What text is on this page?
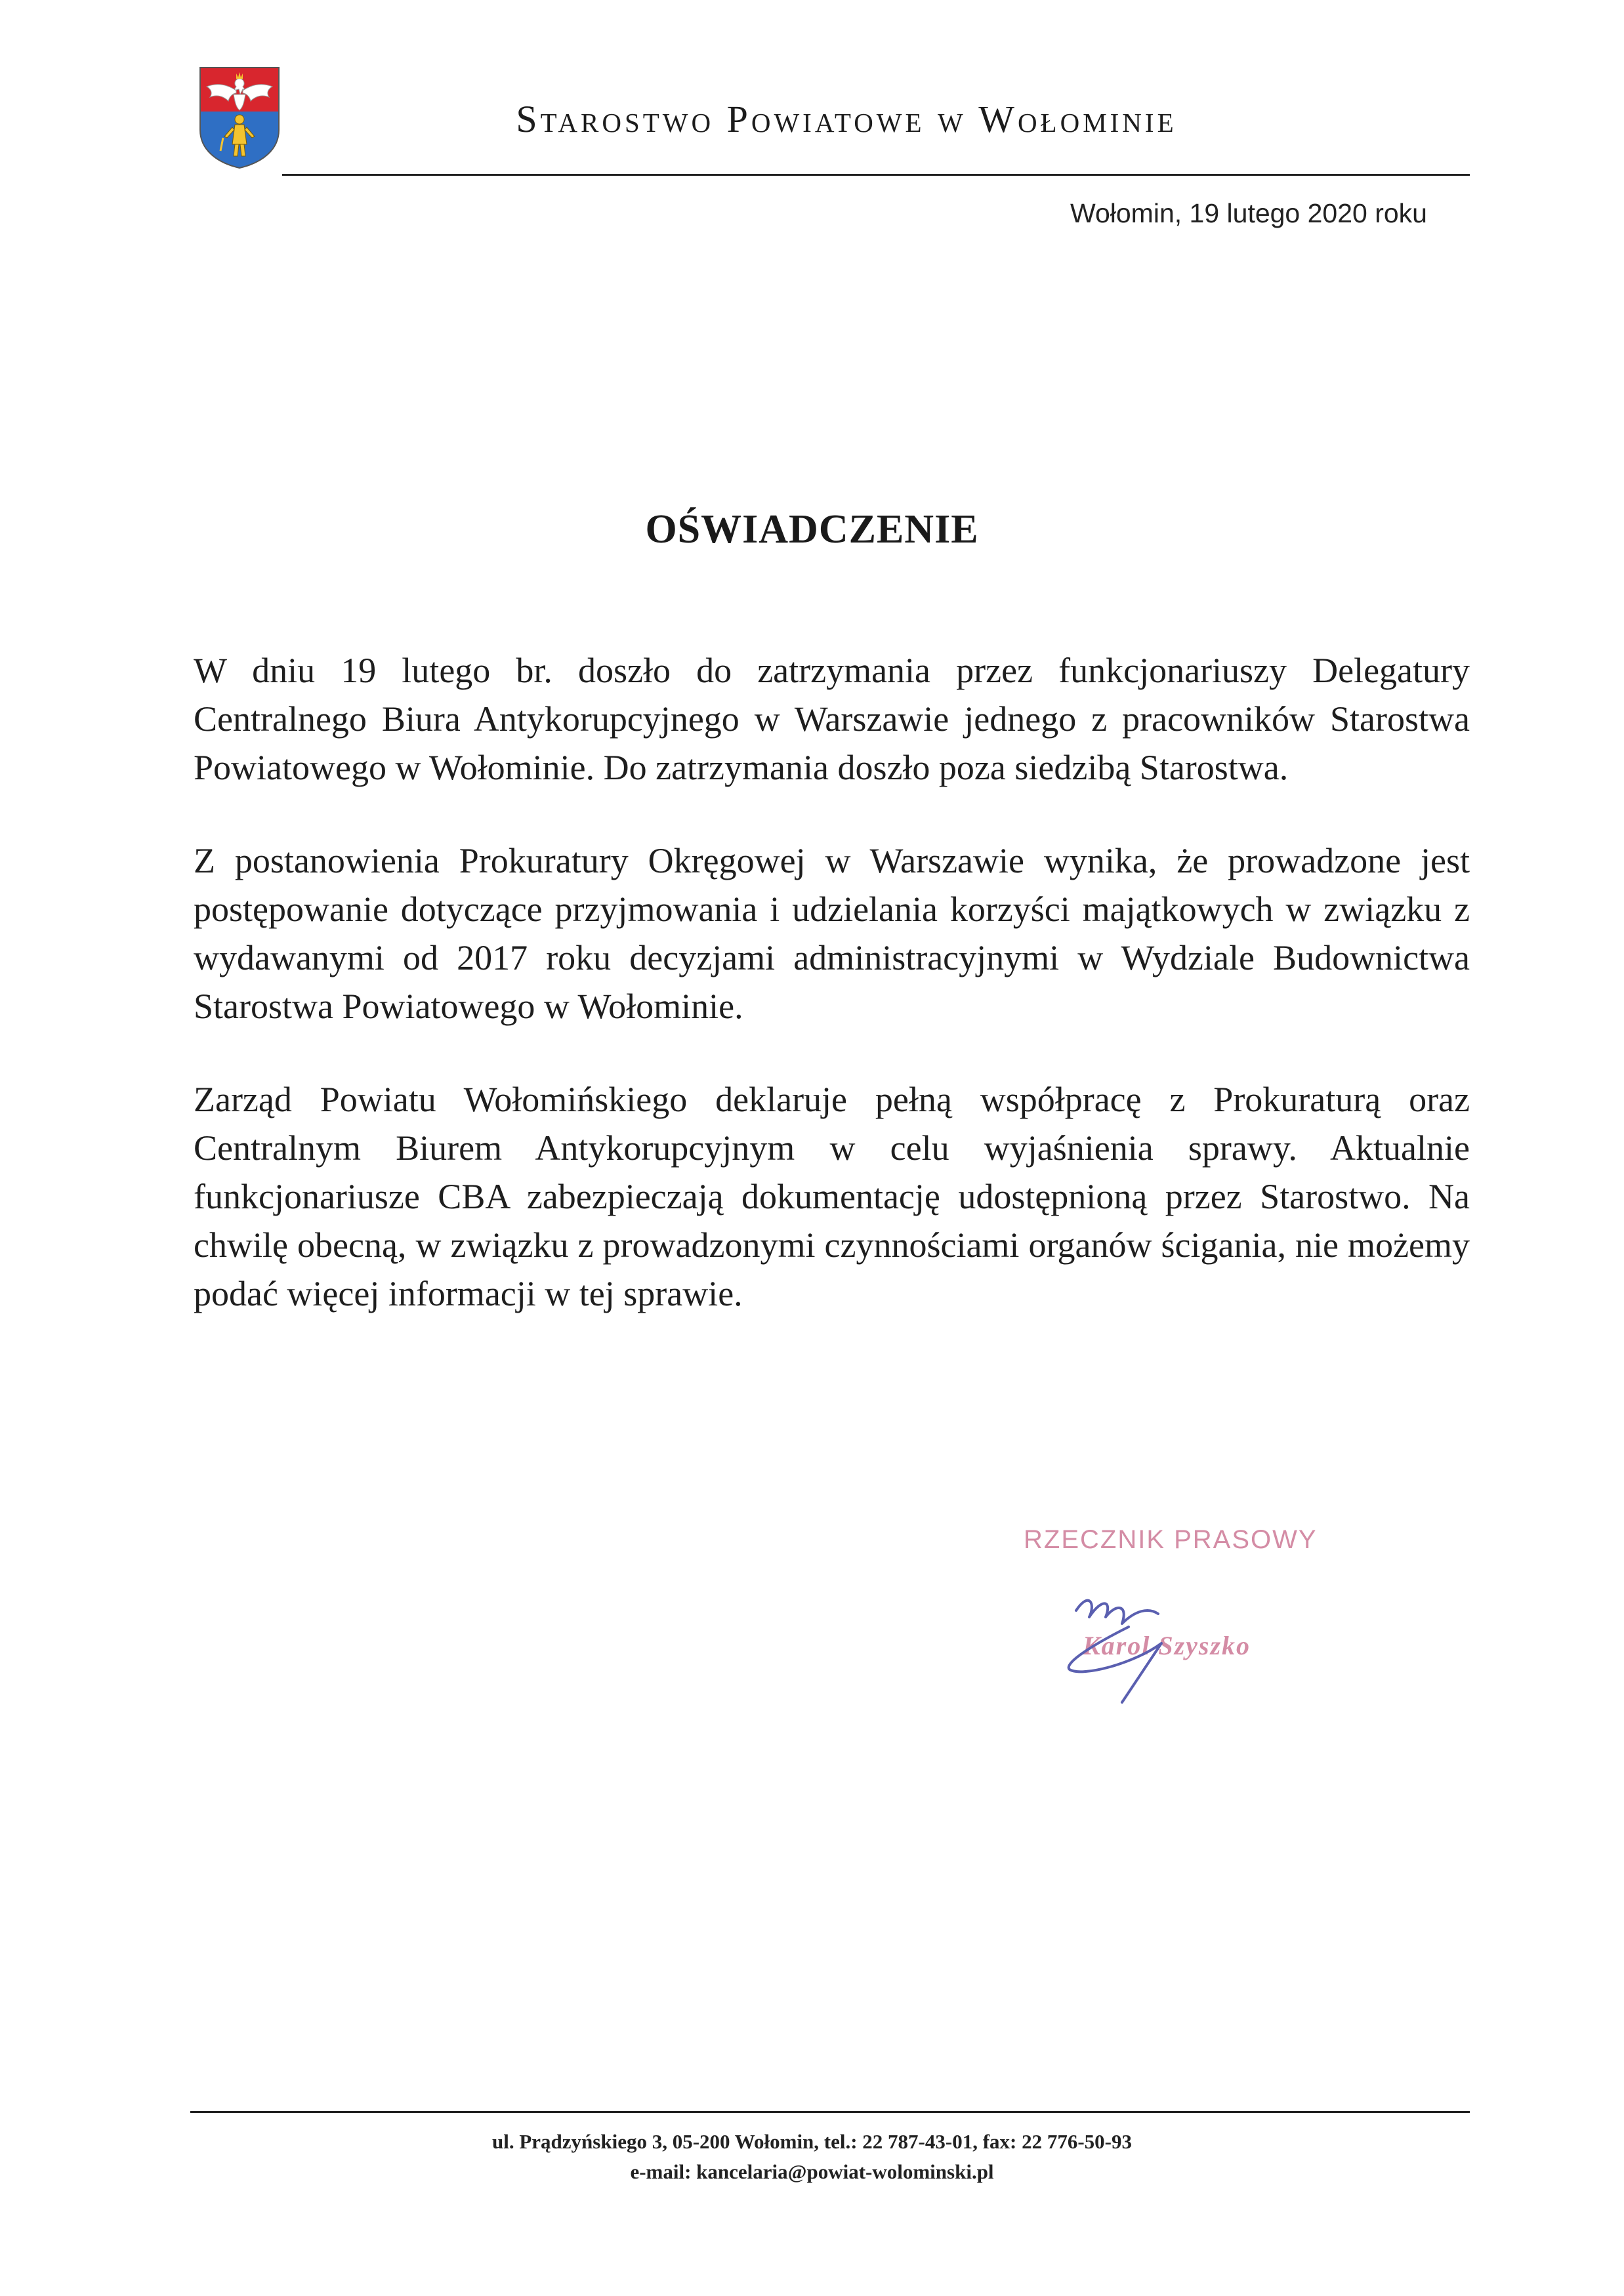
Starostwo Powiatowe w Wołominie
Wołomin, 19 lutego 2020 roku
OŚWIADCZENIE

W dniu 19 lutego br. doszło do zatrzymania przez funkcjonariuszy Delegatury Centralnego Biura Antykorupcyjnego w Warszawie jednego z pracowników Starostwa Powiatowego w Wołominie. Do zatrzymania doszło poza siedzibą Starostwa.

Z postanowienia Prokuratury Okręgowej w Warszawie wynika, że prowadzone jest postępowanie dotyczące przyjmowania i udzielania korzyści majątkowych w związku z wydawanymi od 2017 roku decyzjami administracyjnymi w Wydziale Budownictwa Starostwa Powiatowego w Wołominie.

Zarząd Powiatu Wołomińskiego deklaruje pełną współpracę z Prokuraturą oraz Centralnym Biurem Antykorupcyjnym w celu wyjaśnienia sprawy. Aktualnie funkcjonariusze CBA zabezpieczają dokumentację udostępnioną przez Starostwo. Na chwilę obecną, w związku z prowadzonymi czynnościami organów ścigania, nie możemy podać więcej informacji w tej sprawie.

RZECZNIK PRASOWY
Karol Szyszko
ul. Prądzyńskiego 3, 05-200 Wołomin, tel.: 22 787-43-01, fax: 22 776-50-93
e-mail: kancelaria@powiat-wolominski.pl
